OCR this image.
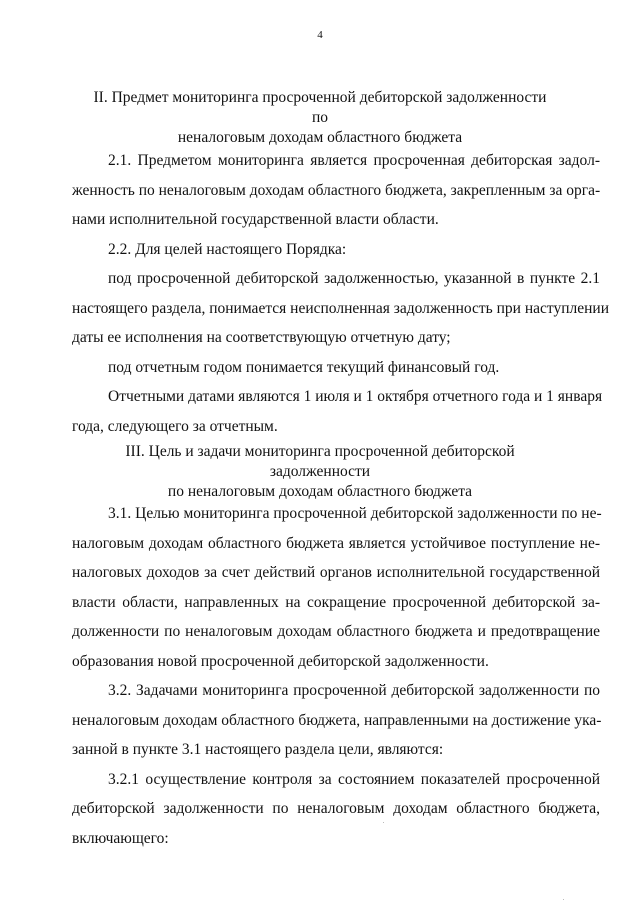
4
II. Предмет мониторинга просроченной дебиторской задолженности по
неналоговым доходам областного бюджета
2.1. Предметом мониторинга является просроченная дебиторская задол-
женность по неналоговым доходам областного бюджета, закрепленным за орга-
нами исполнительной государственной власти области.
2.2. Для целей настоящего Порядка:
под просроченной дебиторской задолженностью, указанной в пункте 2.1
настоящего раздела, понимается неисполненная задолженность при наступлении
даты ее исполнения на соответствующую отчетную дату;
под отчетным годом понимается текущий финансовый год.
Отчетными датами являются 1 июля и 1 октября отчетного года и 1 января
года, следующего за отчетным.
III. Цель и задачи мониторинга просроченной дебиторской задолженности
по неналоговым доходам областного бюджета
3.1. Целью мониторинга просроченной дебиторской задолженности по не-
налоговым доходам областного бюджета является устойчивое поступление не-
налоговых доходов за счет действий органов исполнительной государственной
власти области, направленных на сокращение просроченной дебиторской за-
долженности по неналоговым доходам областного бюджета и предотвращение
образования новой просроченной дебиторской задолженности.
3.2. Задачами мониторинга просроченной дебиторской задолженности по
неналоговым доходам областного бюджета, направленными на достижение ука-
занной в пункте 3.1 настоящего раздела цели, являются:
3.2.1 осуществление контроля за состоянием показателей просроченной
дебиторской задолженности по неналоговым доходам областного бюджета,
включающего:
